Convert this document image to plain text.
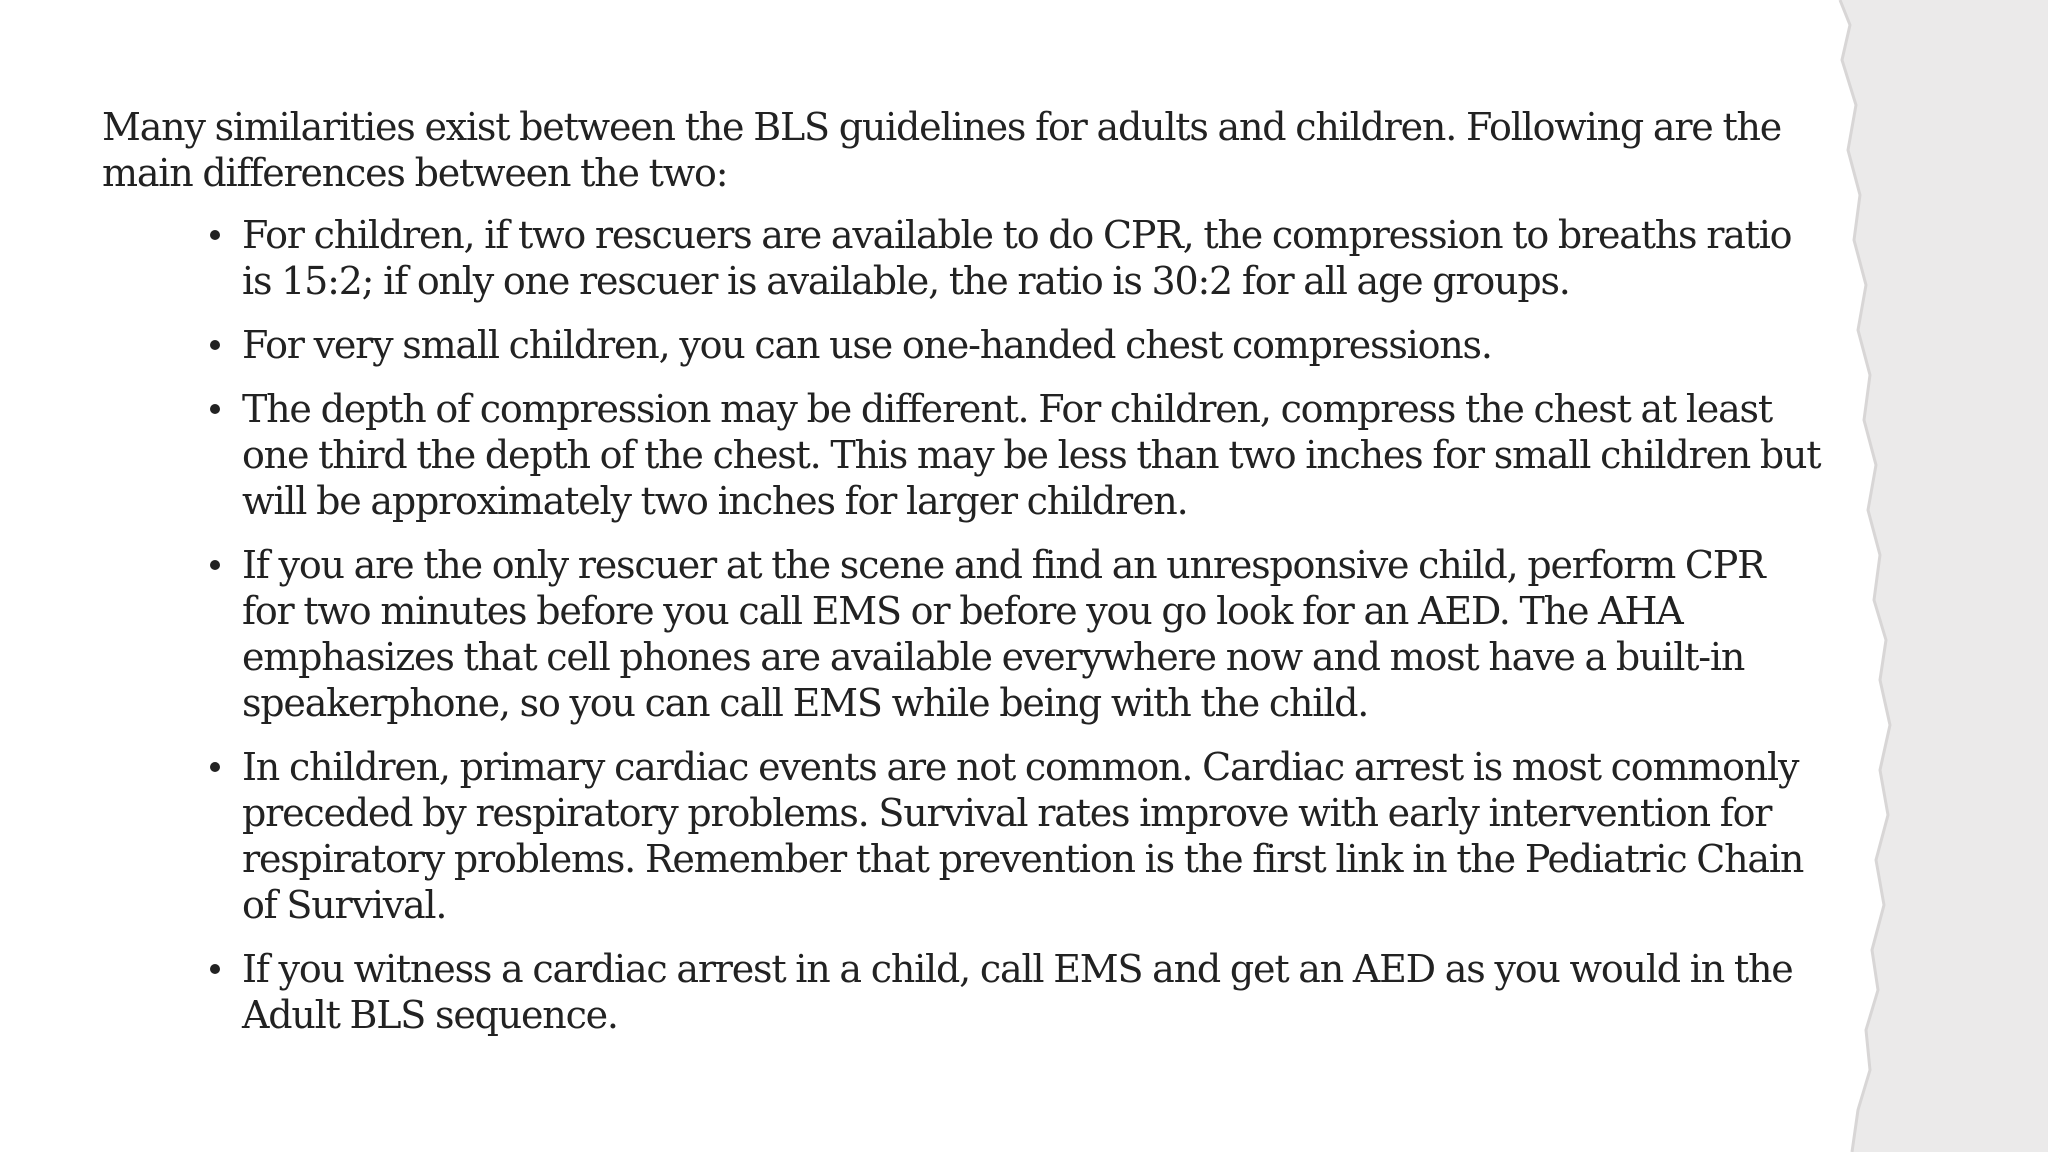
Many similarities exist between the BLS guidelines for adults and children. Following are the main differences between the two:

For children, if two rescuers are available to do CPR, the compression to breaths ratio is 15:2; if only one rescuer is available, the ratio is 30:2 for all age groups.
For very small children, you can use one-handed chest compressions.
The depth of compression may be different. For children, compress the chest at least one third the depth of the chest. This may be less than two inches for small children but will be approximately two inches for larger children.
If you are the only rescuer at the scene and find an unresponsive child, perform CPR for two minutes before you call EMS or before you go look for an AED. The AHA emphasizes that cell phones are available everywhere now and most have a built-in speakerphone, so you can call EMS while being with the child.
In children, primary cardiac events are not common. Cardiac arrest is most commonly preceded by respiratory problems. Survival rates improve with early intervention for respiratory problems. Remember that prevention is the first link in the Pediatric Chain of Survival.
If you witness a cardiac arrest in a child, call EMS and get an AED as you would in the Adult BLS sequence.
